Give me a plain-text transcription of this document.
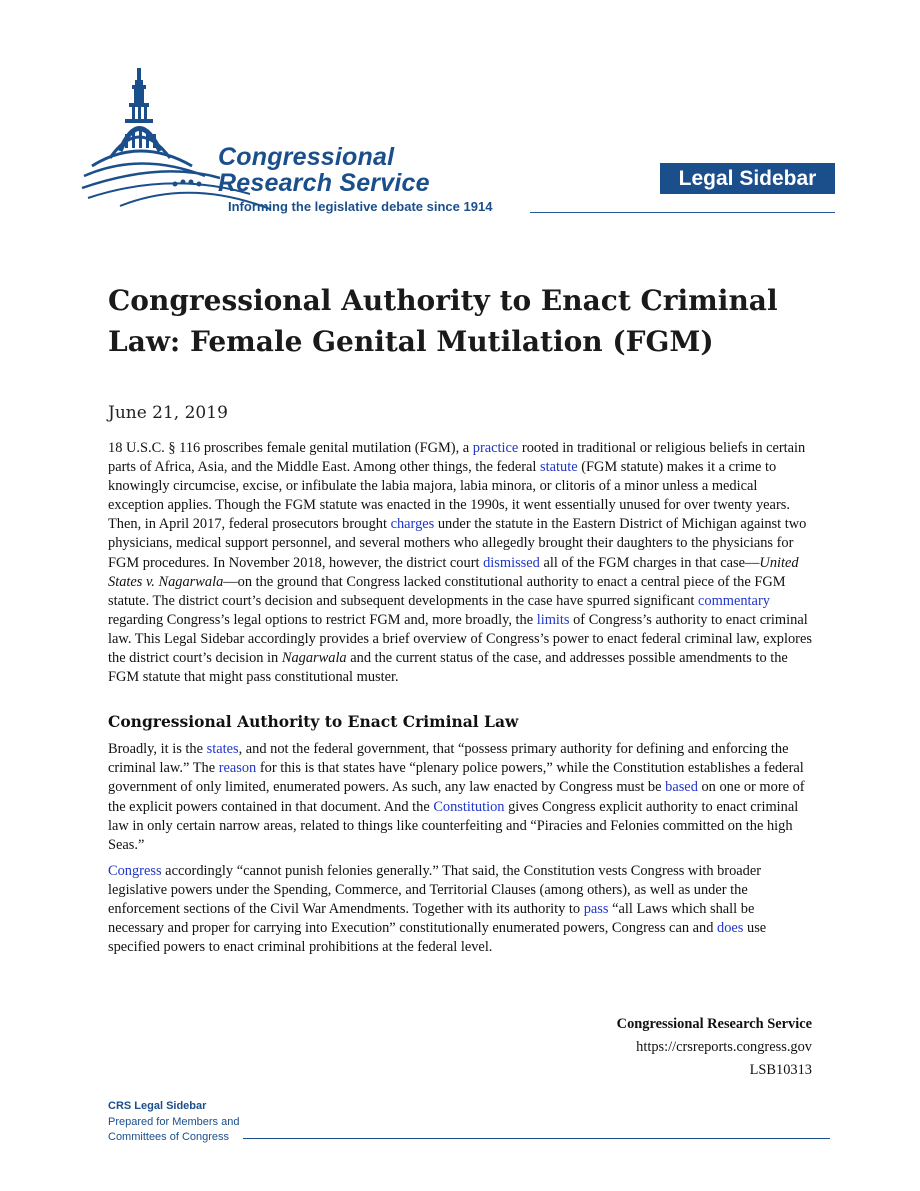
Congressional
Research Service
Informing the legislative debate since 1914
Legal Sidebar
Congressional Authority to Enact Criminal Law: Female Genital Mutilation (FGM)
June 21, 2019

18 U.S.C. § 116 proscribes female genital mutilation (FGM), a practice rooted in traditional or religious beliefs in certain parts of Africa, Asia, and the Middle East. Among other things, the federal statute (FGM statute) makes it a crime to knowingly circumcise, excise, or infibulate the labia majora, labia minora, or clitoris of a minor unless a medical exception applies. Though the FGM statute was enacted in the 1990s, it went essentially unused for over twenty years. Then, in April 2017, federal prosecutors brought charges under the statute in the Eastern District of Michigan against two physicians, medical support personnel, and several mothers who allegedly brought their daughters to the physicians for FGM procedures. In November 2018, however, the district court dismissed all of the FGM charges in that case—United States v. Nagarwala—on the ground that Congress lacked constitutional authority to enact a central piece of the FGM statute. The district court’s decision and subsequent developments in the case have spurred significant commentary regarding Congress’s legal options to restrict FGM and, more broadly, the limits of Congress’s authority to enact criminal law. This Legal Sidebar accordingly provides a brief overview of Congress’s power to enact federal criminal law, explores the district court’s decision in Nagarwala and the current status of the case, and addresses possible amendments to the FGM statute that might pass constitutional muster.

Congressional Authority to Enact Criminal Law

Broadly, it is the states, and not the federal government, that “possess primary authority for defining and enforcing the criminal law.” The reason for this is that states have “plenary police powers,” while the Constitution establishes a federal government of only limited, enumerated powers. As such, any law enacted by Congress must be based on one or more of the explicit powers contained in that document. And the Constitution gives Congress explicit authority to enact criminal law in only certain narrow areas, related to things like counterfeiting and “Piracies and Felonies committed on the high Seas.”

Congress accordingly “cannot punish felonies generally.” That said, the Constitution vests Congress with broader legislative powers under the Spending, Commerce, and Territorial Clauses (among others), as well as under the enforcement sections of the Civil War Amendments. Together with its authority to pass “all Laws which shall be necessary and proper for carrying into Execution” constitutionally enumerated powers, Congress can and does use specified powers to enact criminal prohibitions at the federal level.

Congressional Research Service
https://crsreports.congress.gov
LSB10313
CRS Legal Sidebar
Prepared for Members and
Committees of Congress
